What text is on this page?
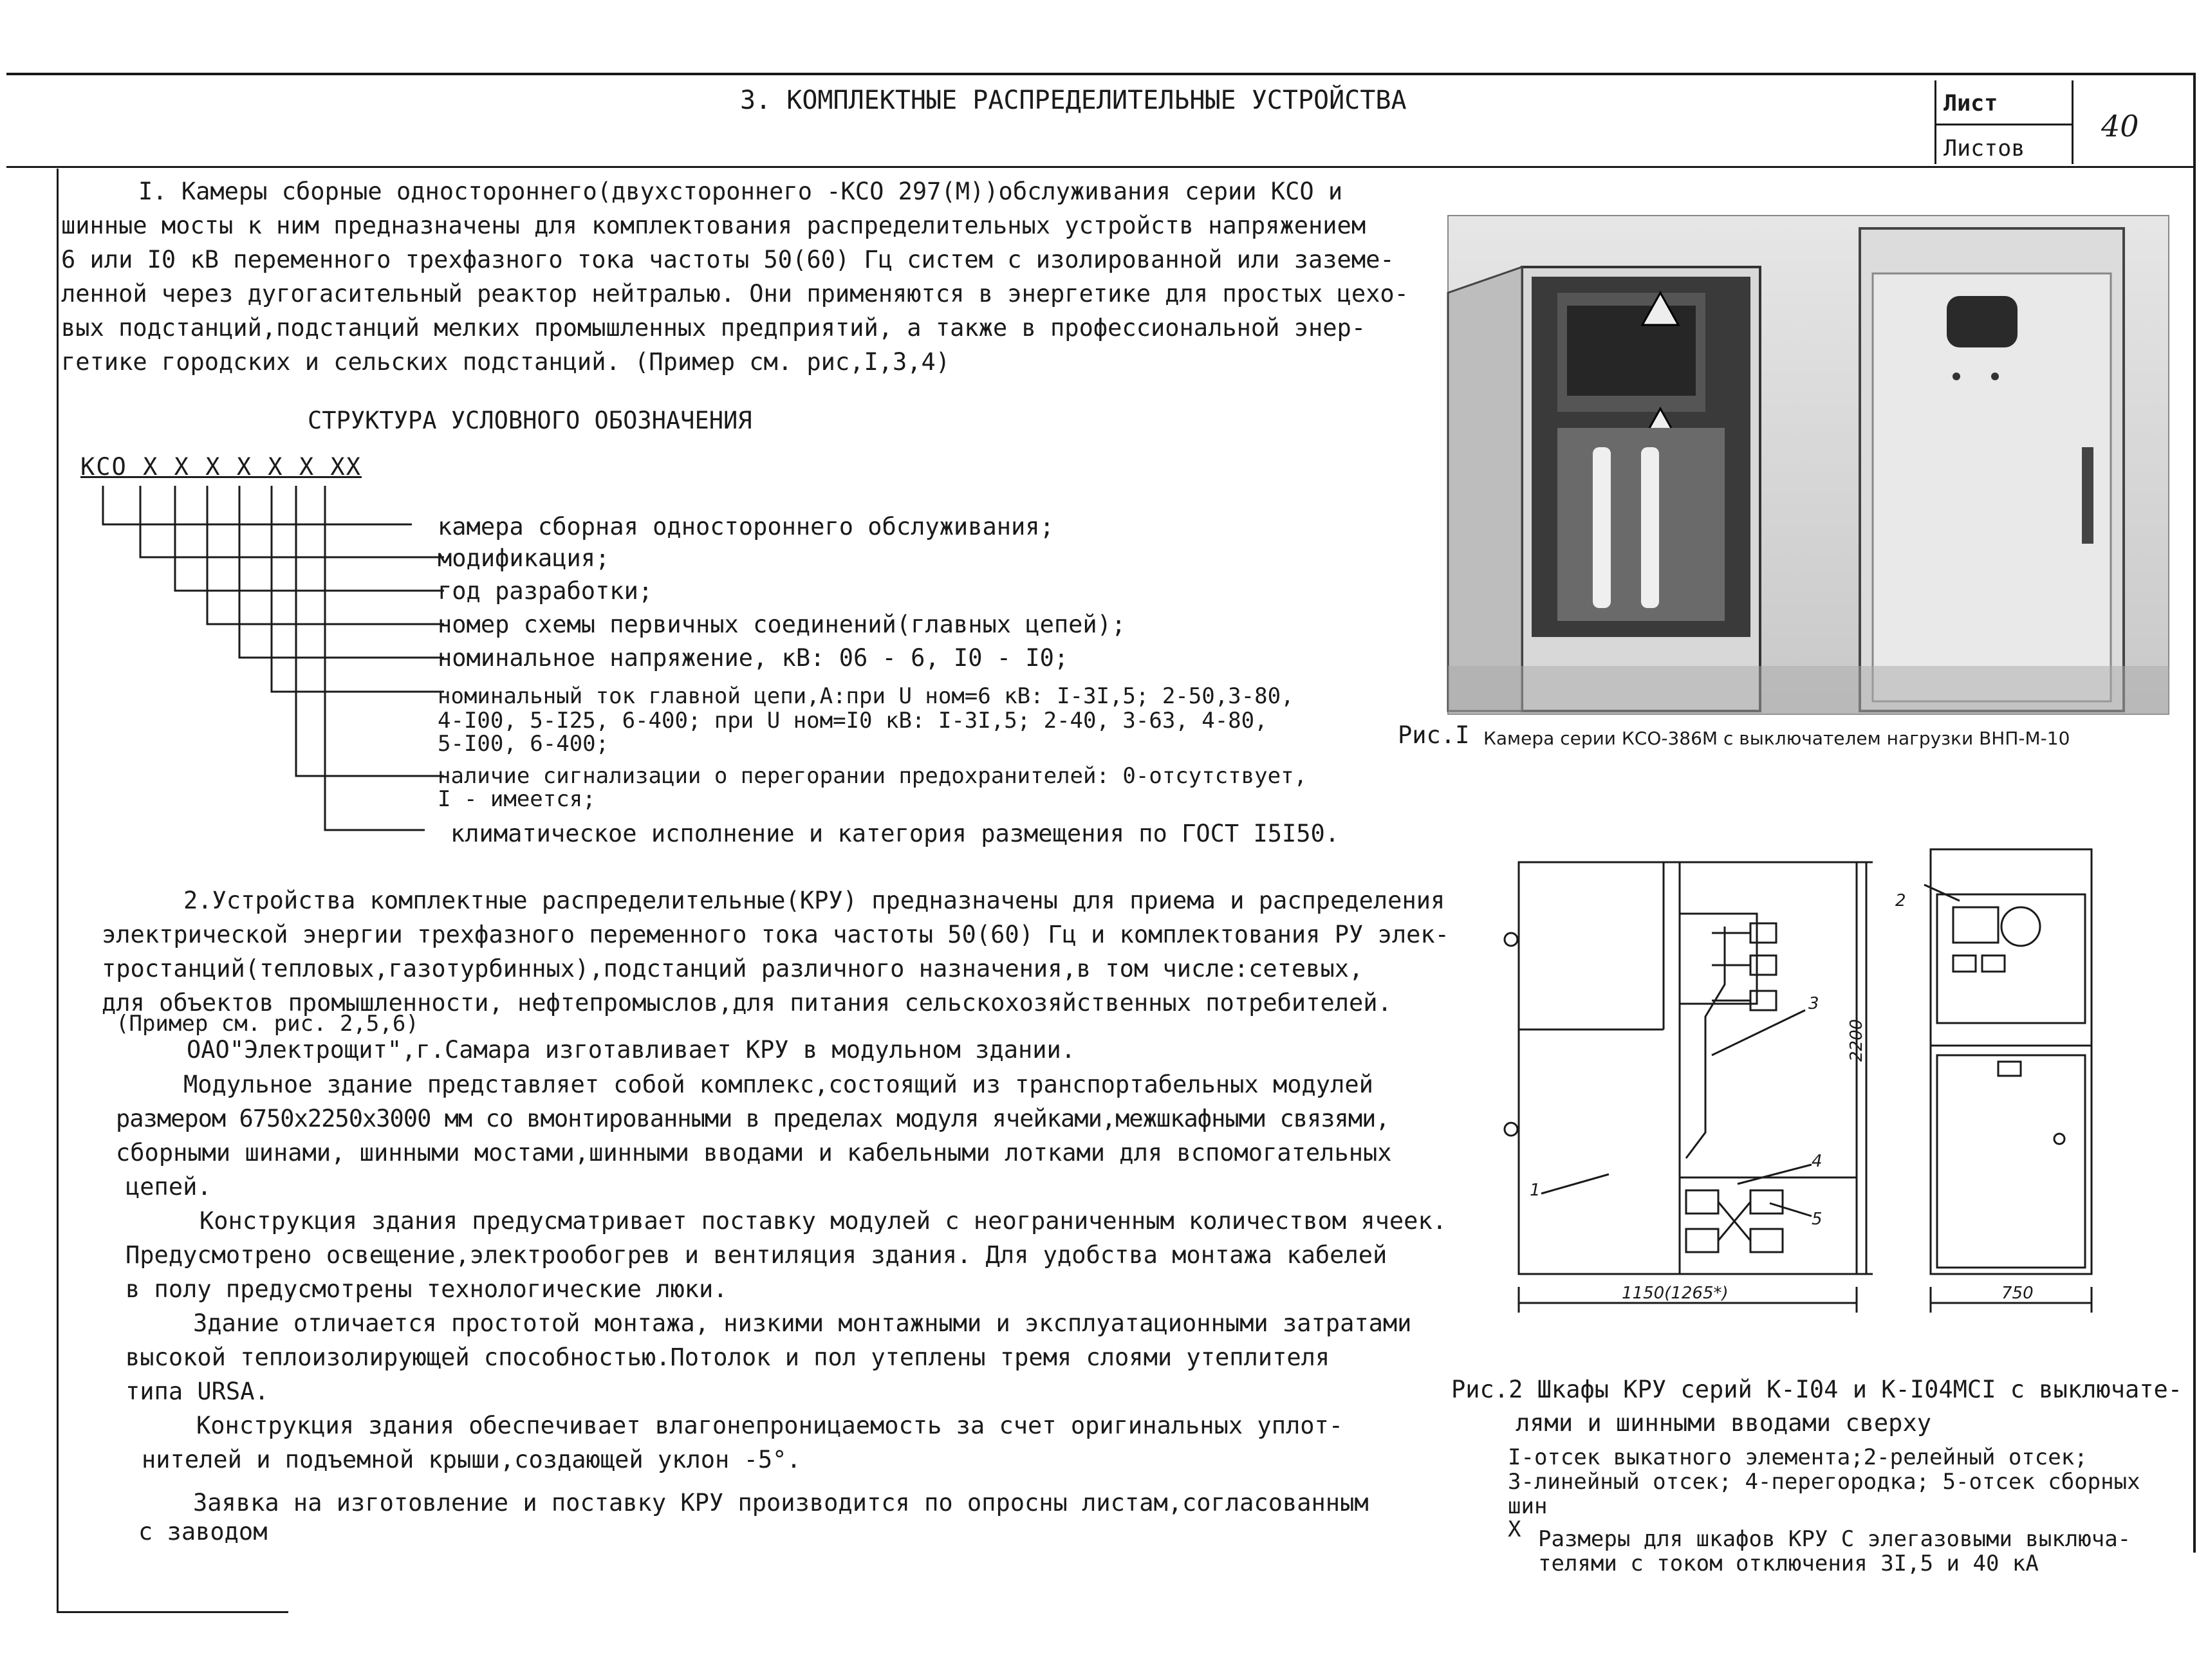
3. КОМПЛЕКТНЫЕ РАСПРЕДЕЛИТЕЛЬНЫЕ УСТРОЙСТВА	Лист
Листов
40
I. Камеры сборные одностороннего(двухстороннего -КСО 297(М))обслуживания серии КСО и
шинные мосты к ним предназначены для комплектования распределительных устройств напряжением
6 или I0 кВ переменного трехфазного тока частоты 50(60) Гц систем с изолированной или заземе-
ленной через дугогасительный реактор нейтралью. Они применяются в энергетике для простых цехо-
вых подстанций,подстанций мелких промышленных предприятий, а также в профессиональной энер-
гетике городских и сельских подстанций. (Пример см. рис,I,3,4)
СТРУКТУРА УСЛОВНОГО ОБОЗНАЧЕНИЯ
КСО Х Х Х Х Х Х ХХ
камера сборная одностороннего обслуживания;
модификация;
год разработки;
номер схемы первичных соединений(главных цепей);
номинальное напряжение, кВ: 06 - 6, I0 - I0;
номинальный ток главной цепи,А:при U ном=6 кВ: I-3I,5; 2-50,3-80,
4-I00, 5-I25, 6-400; при U ном=I0 кВ: I-3I,5; 2-40, 3-63, 4-80,
5-I00, 6-400;
наличие сигнализации о перегорании предохранителей: 0-отсутствует,
I - имеется;
климатическое исполнение и категория размещения по ГОСТ I5I50.
2.Устройства комплектные распределительные(КРУ) предназначены для приема и распределения
электрической энергии трехфазного переменного тока частоты 50(60) Гц и комплектования РУ элек-
тростанций(тепловых,газотурбинных),подстанций различного назначения,в том числе:сетевых,
для объектов промышленности, нефтепромыслов,для питания сельскохозяйственных потребителей.
(Пример см. рис. 2,5,6)
ОАО"Электрощит",г.Самара изготавливает КРУ в модульном здании.
Модульное здание представляет собой комплекс,состоящий из транспортабельных модулей
размером 6750х2250х3000 мм со вмонтированными в пределах модуля ячейками,межшкафными связями,
сборными шинами, шинными мостами,шинными вводами и кабельными лотками для вспомогательных
цепей.
Конструкция здания предусматривает поставку модулей с неограниченным количеством ячеек.
Предусмотрено освещение,электрообогрев и вентиляция здания. Для удобства монтажа кабелей
в полу предусмотрены технологические люки.
Здание отличается простотой монтажа, низкими монтажными и эксплуатационными затратами
высокой теплоизолирующей способностью.Потолок и пол утеплены тремя слоями утеплителя
типа URSA.
Конструкция здания обеспечивает влагонепроницаемость за счет оригинальных уплот-
нителей и подъемной крыши,создающей уклон -5°.
Заявка на изготовление и поставку КРУ производится по опросны листам,согласованным
с заводом
Рис.I Камера серии КСО-386М с выключателем нагрузки ВНП-М-10
1
2
3
4
5
2200
1150(1265*)	750
Рис.2 Шкафы КРУ серий К-I04 и К-I04МСI с выключате-
лями и шинными вводами сверху
I-отсек выкатного элемента;2-релейный отсек;
3-линейный отсек; 4-перегородка; 5-отсек сборных
шин
Х Размеры для шкафов КРУ С элегазовыми выключа-
телями с током отключения 3I,5 и 40 кА
